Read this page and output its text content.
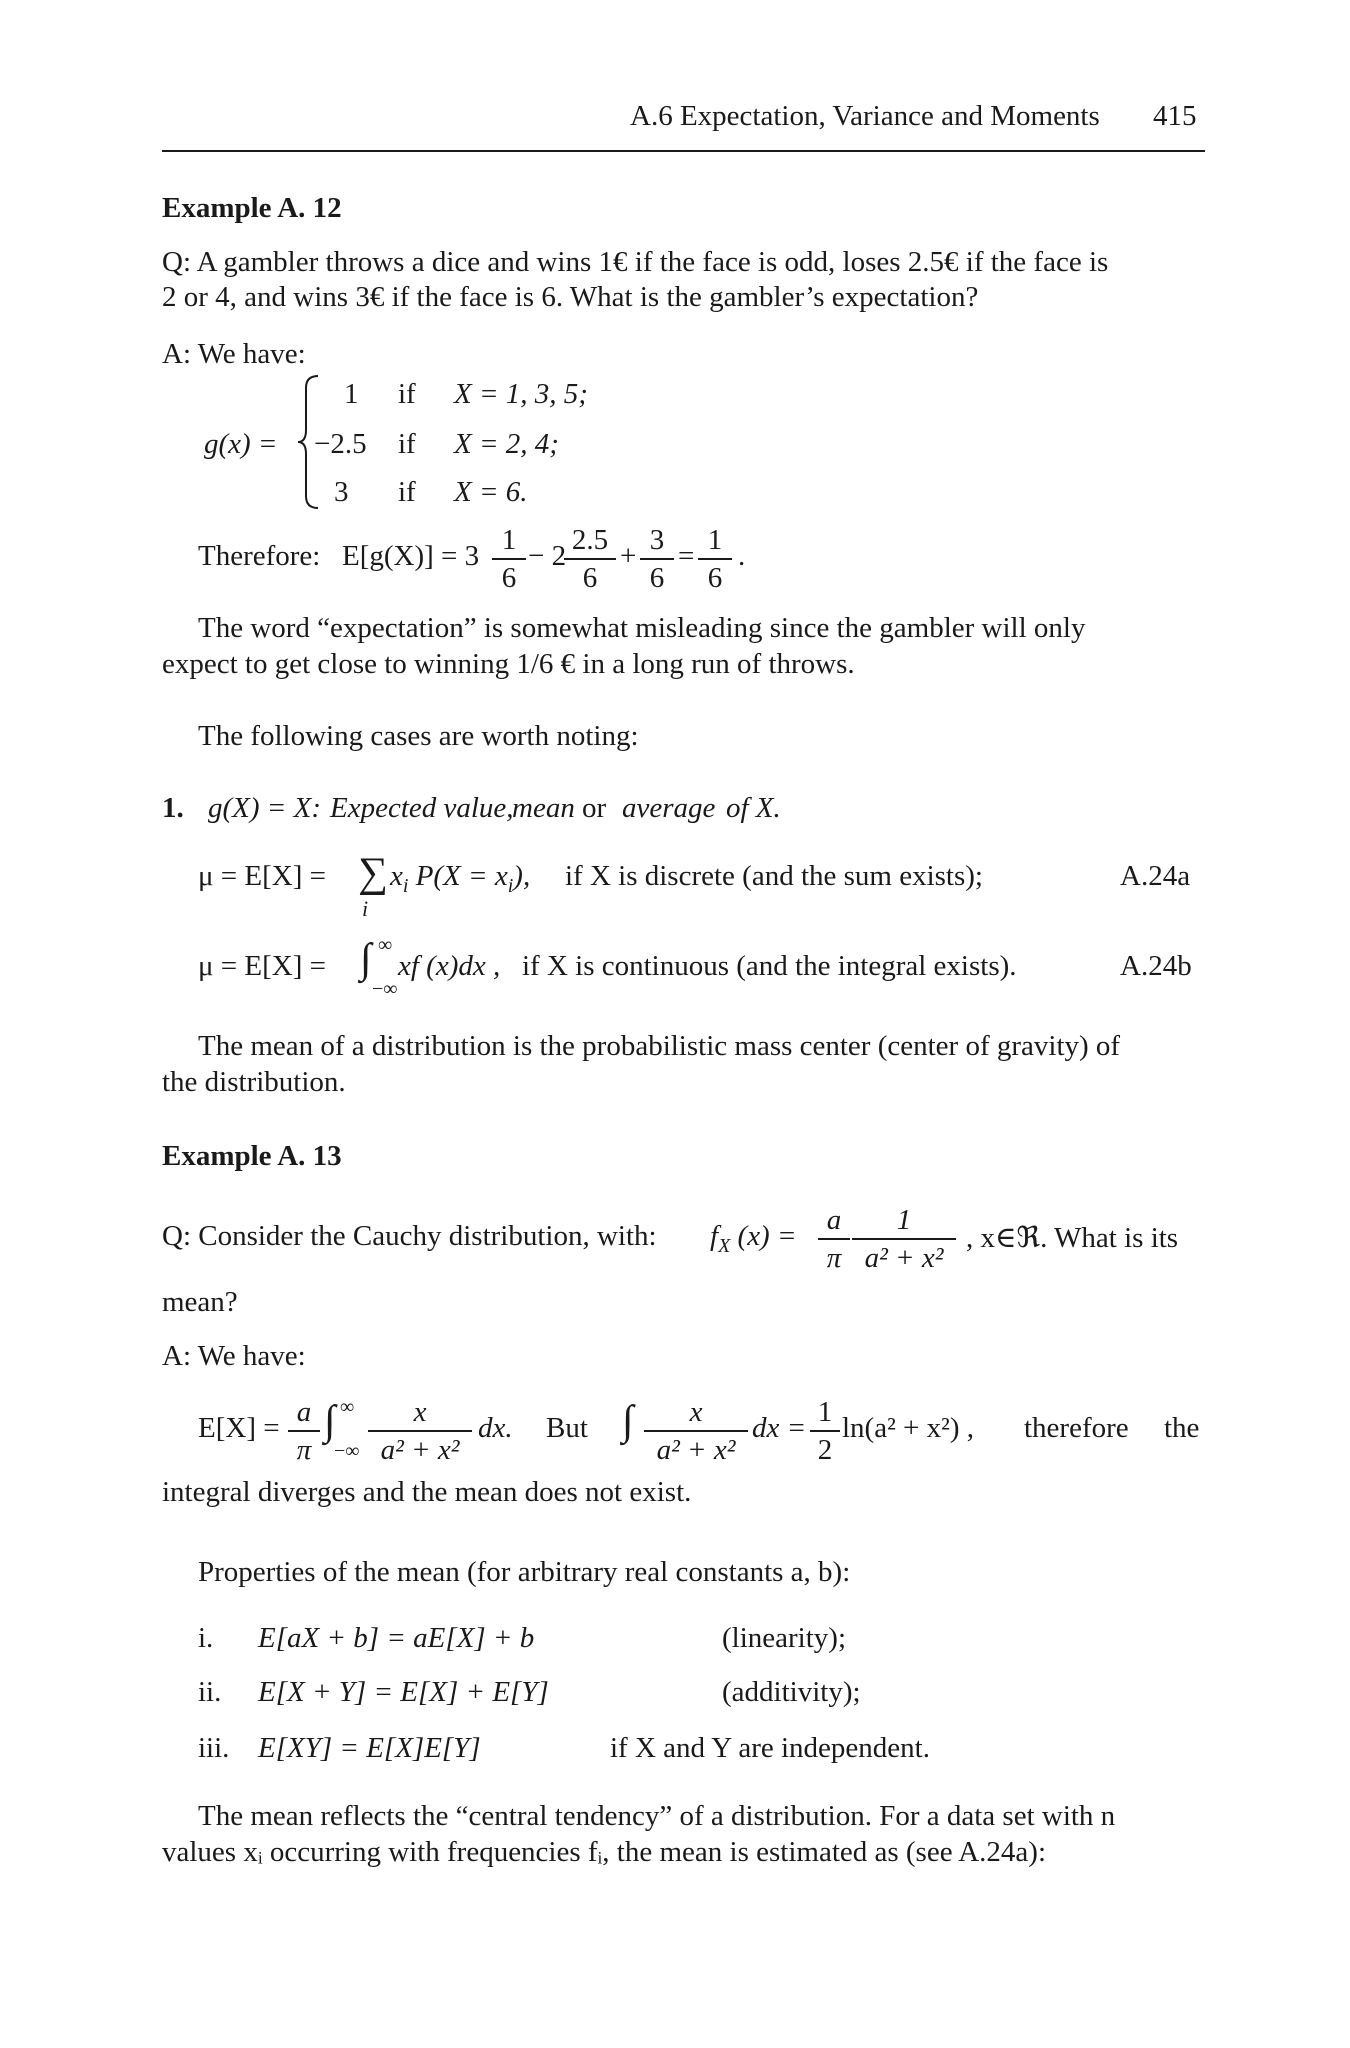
A.6 Expectation, Variance and Moments 415
Example A. 12
Q: A gambler throws a dice and wins 1€ if the face is odd, loses 2.5€ if the face is
2 or 4, and wins 3€ if the face is 6. What is the gambler’s expectation?
A: We have:
g(x) =
1 if X = 1, 3, 5;
−2.5 if X = 2, 4;
3 if X = 6.
Therefore: $E[g(X)] = 3 \frac{1}{6} - 2$
$\frac{2.5}{6} + \frac{3}{6} = \frac{1}{6}$ .
The word “expectation” is somewhat misleading since the gambler will only
expect to get close to winning 1/6 € in a long run of throws.
The following cases are worth noting:
1. g(X) = X: Expected value,
mean or average of X.
μ = E[X] = ∑
i
$x_i$ $P(X = x_i)$, if X is discrete (and the sum exists);	A.24a
μ = E[X] = ∫ ∞
−∞
xf (x)dx , if X is continuous (and the integral exists).	A.24b
The mean of a distribution is the probabilistic mass center (center of gravity) of
the distribution.
Example A. 13
Q: Consider the Cauchy distribution, with: $f_X$ $(x) = \frac{a}{\pi} \frac{1}{\text{a² + x²}}$ , x∈ℜ. What is its
mean?
A: We have:
$E[X] = \frac{a}{\pi}$ ∫ ∞
−∞ $\frac{x}{\text{a² + x²}}$ dx. But ∫ $\frac{x}{\text{a² + x²}}$ dx = $\frac{1}{2} \ln(a^2 + x^2)$ , therefore the
integral diverges and the mean does not exist.
Properties of the mean (for arbitrary real constants a, b):
i. E[aX + b] = aE[X] + b	(linearity);
ii. E[X + Y] = E[X] + E[Y]	(additivity);
iii. E[XY] = E[X]E[Y]	if X and Y are independent.
The mean reflects the “central tendency” of a distribution. For a data set with n
values xᵢ occurring with frequencies fᵢ, the mean is estimated as (see A.24a):
